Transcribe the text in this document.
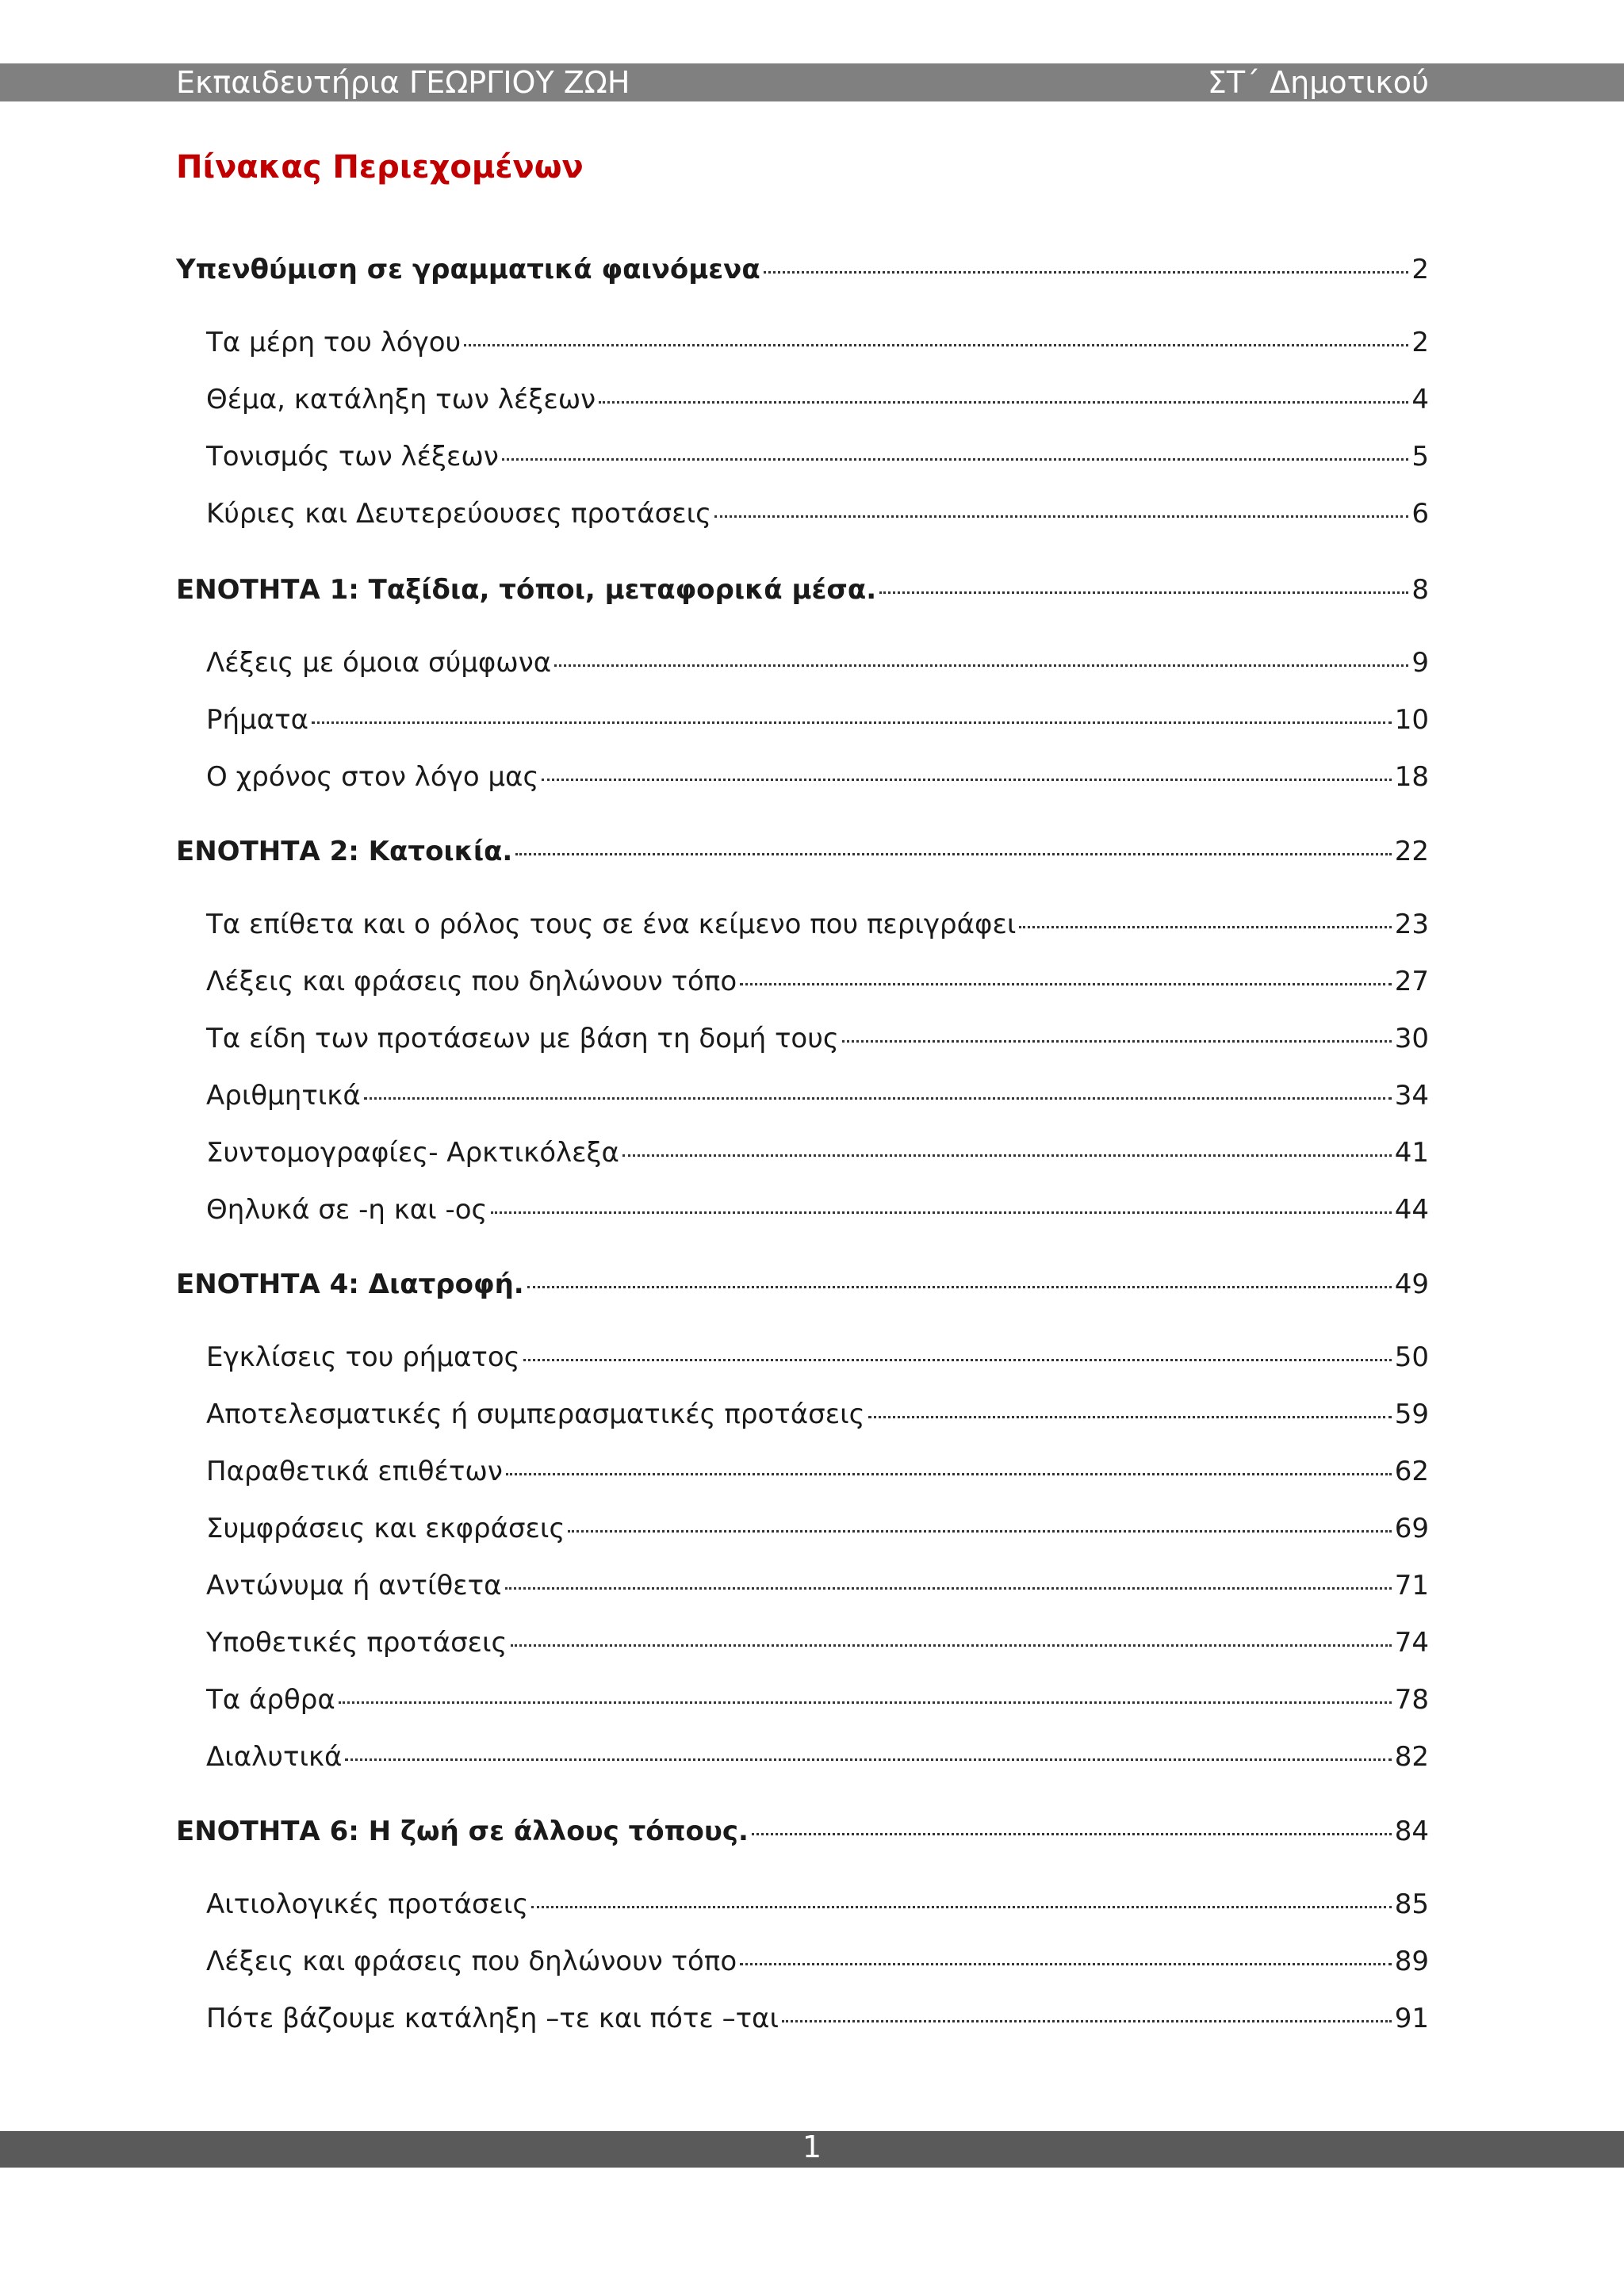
Εκπαιδευτήρια ΓΕΩΡΓΙΟΥ ΖΩΗ	ΣΤ΄ Δημοτικού
Πίνακας Περιεχομένων
Υπενθύμιση σε γραμματικά φαινόμενα	2
Τα μέρη του λόγου	2
Θέμα, κατάληξη των λέξεων	4
Τονισμός των λέξεων	5
Κύριες και Δευτερεύουσες προτάσεις	6
ΕΝΟΤΗΤΑ 1: Ταξίδια, τόποι, μεταφορικά μέσα.	8
Λέξεις με όμοια σύμφωνα	9
Ρήματα	10
Ο χρόνος στον λόγο μας	18
ΕΝΟΤΗΤΑ 2: Κατοικία.	22
Τα επίθετα και ο ρόλος τους σε ένα κείμενο που περιγράφει	23
Λέξεις και φράσεις που δηλώνουν τόπο	27
Τα είδη των προτάσεων με βάση τη δομή τους	30
Αριθμητικά	34
Συντομογραφίες- Αρκτικόλεξα	41
Θηλυκά σε -η και -ος	44
ΕΝΟΤΗΤΑ 4: Διατροφή.	49
Εγκλίσεις του ρήματος	50
Αποτελεσματικές ή συμπερασματικές προτάσεις	59
Παραθετικά επιθέτων	62
Συμφράσεις και εκφράσεις	69
Αντώνυμα ή αντίθετα	71
Υποθετικές προτάσεις	74
Τα άρθρα	78
Διαλυτικά	82
ΕΝΟΤΗΤΑ 6: Η ζωή σε άλλους τόπους.	84
Αιτιολογικές προτάσεις	85
Λέξεις και φράσεις που δηλώνουν τόπο	89
Πότε βάζουμε κατάληξη –τε και πότε –ται	91
1
